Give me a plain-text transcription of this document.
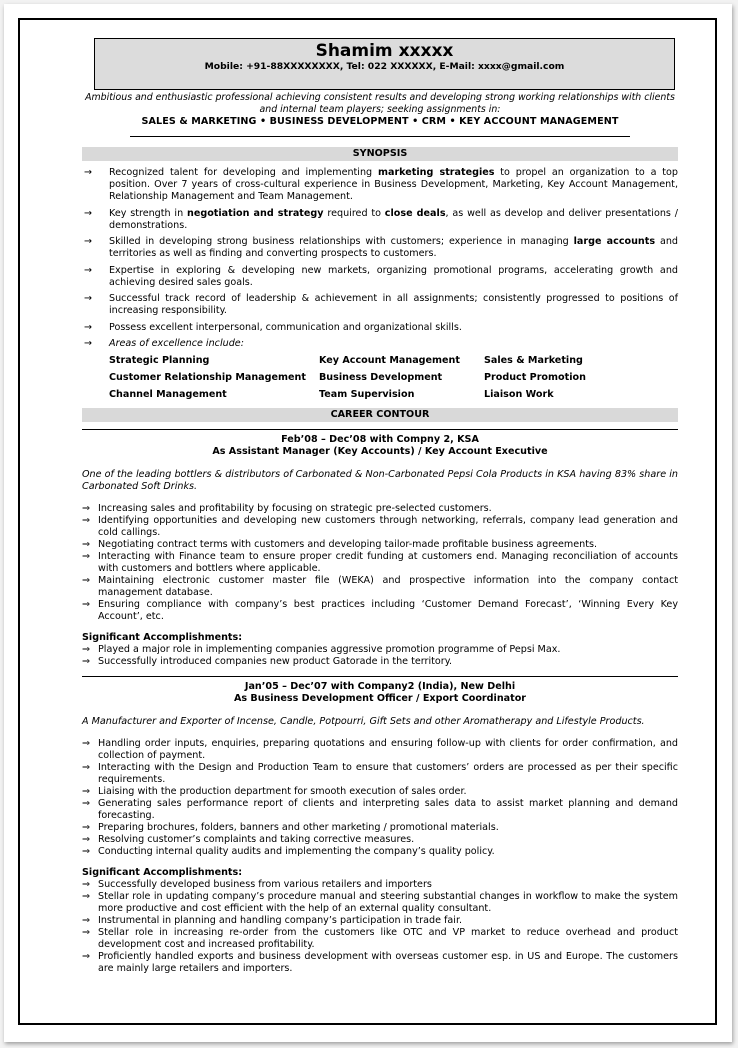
Shamim xxxxx
Mobile: +91-88XXXXXXXX, Tel: 022 XXXXXX, E-Mail: xxxx@gmail.com
Ambitious and enthusiastic professional achieving consistent results and developing strong working relationships with clients and internal team players; seeking assignments in:
SALES & MARKETING • BUSINESS DEVELOPMENT • CRM • KEY ACCOUNT MANAGEMENT
SYNOPSIS
→ Recognized talent for developing and implementing marketing strategies to propel an organization to a top position. Over 7 years of cross-cultural experience in Business Development, Marketing, Key Account Management, Relationship Management and Team Management.
→ Key strength in negotiation and strategy required to close deals, as well as develop and deliver presentations / demonstrations.
→ Skilled in developing strong business relationships with customers; experience in managing large accounts and territories as well as finding and converting prospects to customers.
→ Expertise in exploring & developing new markets, organizing promotional programs, accelerating growth and achieving desired sales goals.
→ Successful track record of leadership & achievement in all assignments; consistently progressed to positions of increasing responsibility.
→ Possess excellent interpersonal, communication and organizational skills.
→ Areas of excellence include:
Strategic Planning	Key Account Management	Sales & Marketing
Customer Relationship Management	Business Development	Product Promotion
Channel Management	Team Supervision	Liaison Work
CAREER CONTOUR
Feb’08 – Dec’08 with Compny 2, KSA
As Assistant Manager (Key Accounts) / Key Account Executive
One of the leading bottlers & distributors of Carbonated & Non-Carbonated Pepsi Cola Products in KSA having 83% share in Carbonated Soft Drinks.
⇒ Increasing sales and profitability by focusing on strategic pre-selected customers.
⇒ Identifying opportunities and developing new customers through networking, referrals, company lead generation and cold callings.
⇒ Negotiating contract terms with customers and developing tailor-made profitable business agreements.
⇒ Interacting with Finance team to ensure proper credit funding at customers end. Managing reconciliation of accounts with customers and bottlers where applicable.
⇒ Maintaining electronic customer master file (WEKA) and prospective information into the company contact management database.
⇒ Ensuring compliance with company’s best practices including ‘Customer Demand Forecast’, ‘Winning Every Key Account’, etc.
Significant Accomplishments:
⇒ Played a major role in implementing companies aggressive promotion programme of Pepsi Max.
⇒ Successfully introduced companies new product Gatorade in the territory.
Jan’05 – Dec’07 with Company2 (India), New Delhi
As Business Development Officer / Export Coordinator
A Manufacturer and Exporter of Incense, Candle, Potpourri, Gift Sets and other Aromatherapy and Lifestyle Products.
⇒ Handling order inputs, enquiries, preparing quotations and ensuring follow-up with clients for order confirmation, and collection of payment.
⇒ Interacting with the Design and Production Team to ensure that customers’ orders are processed as per their specific requirements.
⇒ Liaising with the production department for smooth execution of sales order.
⇒ Generating sales performance report of clients and interpreting sales data to assist market planning and demand forecasting.
⇒ Preparing brochures, folders, banners and other marketing / promotional materials.
⇒ Resolving customer’s complaints and taking corrective measures.
⇒ Conducting internal quality audits and implementing the company’s quality policy.
Significant Accomplishments:
⇒ Successfully developed business from various retailers and importers
⇒ Stellar role in updating company’s procedure manual and steering substantial changes in workflow to make the system more productive and cost efficient with the help of an external quality consultant.
⇒ Instrumental in planning and handling company’s participation in trade fair.
⇒ Stellar role in increasing re-order from the customers like OTC and VP market to reduce overhead and product development cost and increased profitability.
⇒ Proficiently handled exports and business development with overseas customer esp. in US and Europe. The customers are mainly large retailers and importers.
